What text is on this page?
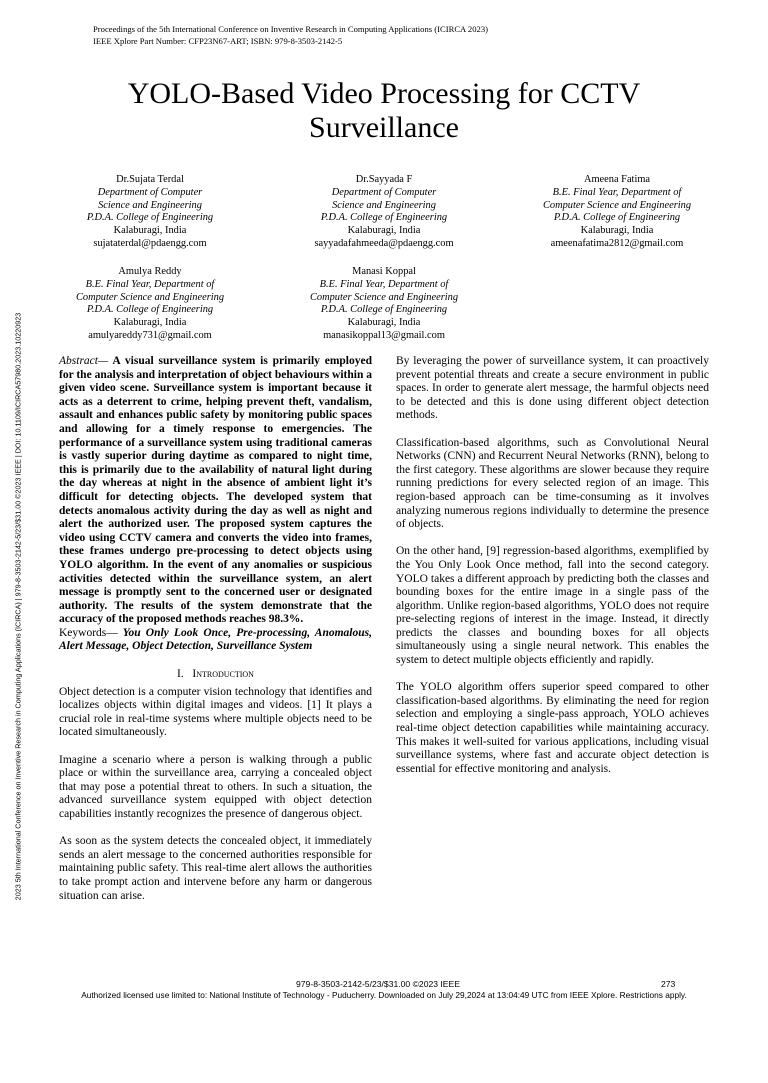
Proceedings of the 5th International Conference on Inventive Research in Computing Applications (ICIRCA 2023)
IEEE Xplore Part Number: CFP23N67-ART; ISBN: 979-8-3503-2142-5
YOLO-Based Video Processing for CCTV
Surveillance
Dr.Sujata Terdal
Department of Computer
Science and Engineering
P.D.A. College of Engineering
Kalaburagi, India
sujataterdal@pdaengg.com
Dr.Sayyada F
Department of Computer
Science and Engineering
P.D.A. College of Engineering
Kalaburagi, India
sayyadafahmeeda@pdaengg.com
Ameena Fatima
B.E. Final Year, Department of
Computer Science and Engineering
P.D.A. College of Engineering
Kalaburagi, India
ameenafatima2812@gmail.com
Amulya Reddy
B.E. Final Year, Department of
Computer Science and Engineering
P.D.A. College of Engineering
Kalaburagi, India
amulyareddy731@gmail.com
Manasi Koppal
B.E. Final Year, Department of
Computer Science and Engineering
P.D.A. College of Engineering
Kalaburagi, India
manasikoppal13@gmail.com
2023 5th International Conference on Inventive Research in Computing Applications (ICIRCA) | 979-8-3503-2142-5/23/$31.00 ©2023 IEEE | DOI: 10.1109/ICIRCA57980.2023.10220923	Abstract— A visual surveillance system is primarily employed for the analysis and interpretation of object behaviours within a given video scene. Surveillance system is important because it acts as a deterrent to crime, helping prevent theft, vandalism, assault and enhances public safety by monitoring public spaces and allowing for a timely response to emergencies. The performance of a surveillance system using traditional cameras is vastly superior during daytime as compared to night time, this is primarily due to the availability of natural light during the day whereas at night in the absence of ambient light it’s difficult for detecting objects. The developed system that detects anomalous activity during the day as well as night and alert the authorized user. The proposed system captures the video using CCTV camera and converts the video into frames, these frames undergo pre-processing to detect objects using YOLO algorithm. In the event of any anomalies or suspicious activities detected within the surveillance system, an alert message is promptly sent to the concerned user or designated authority. The results of the system demonstrate that the accuracy of the proposed methods reaches 98.3%.

Keywords— You Only Look Once, Pre-processing, Anomalous, Alert Message, Object Detection, Surveillance System

I. Introduction

Object detection is a computer vision technology that identifies and localizes objects within digital images and videos. [1] It plays a crucial role in real-time systems where multiple objects need to be located simultaneously.

Imagine a scenario where a person is walking through a public place or within the surveillance area, carrying a concealed object that may pose a potential threat to others. In such a situation, the advanced surveillance system equipped with object detection capabilities instantly recognizes the presence of dangerous object.

As soon as the system detects the concealed object, it immediately sends an alert message to the concerned authorities responsible for maintaining public safety. This real-time alert allows the authorities to take prompt action and intervene before any harm or dangerous situation can arise.

By leveraging the power of surveillance system, it can proactively prevent potential threats and create a secure environment in public spaces. In order to generate alert message, the harmful objects need to be detected and this is done using different object detection methods.

Classification-based algorithms, such as Convolutional Neural Networks (CNN) and Recurrent Neural Networks (RNN), belong to the first category. These algorithms are slower because they require running predictions for every selected region of an image. This region-based approach can be time-consuming as it involves analyzing numerous regions individually to determine the presence of objects.

On the other hand, [9] regression-based algorithms, exemplified by the You Only Look Once method, fall into the second category. YOLO takes a different approach by predicting both the classes and bounding boxes for the entire image in a single pass of the algorithm. Unlike region-based algorithms, YOLO does not require pre-selecting regions of interest in the image. Instead, it directly predicts the classes and bounding boxes for all objects simultaneously using a single neural network. This enables the system to detect multiple objects efficiently and rapidly.

The YOLO algorithm offers superior speed compared to other classification-based algorithms. By eliminating the need for region selection and employing a single-pass approach, YOLO achieves real-time object detection capabilities while maintaining accuracy. This makes it well-suited for various applications, including visual surveillance systems, where fast and accurate object detection is essential for effective monitoring and analysis.

979-8-3503-2142-5/23/$31.00 ©2023 IEEE	273
Authorized licensed use limited to: National Institute of Technology - Puducherry. Downloaded on July 29,2024 at 13:04:49 UTC from IEEE Xplore. Restrictions apply.
